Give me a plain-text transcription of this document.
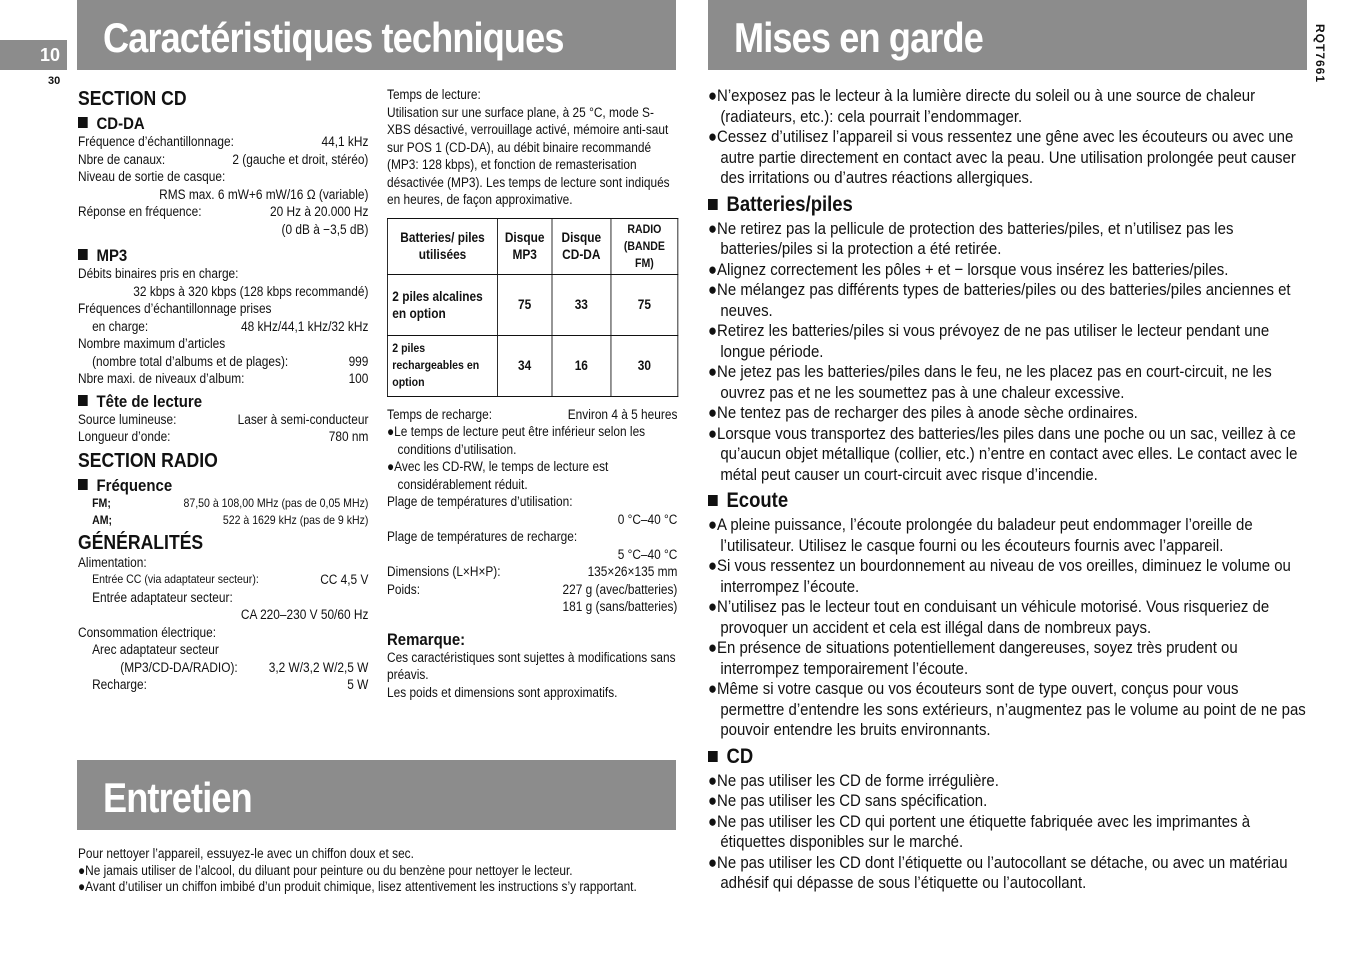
10
30	RQT7661
Caractéristiques techniques	Mises en garde
Entretien
SECTION CD
CD-DA
Fréquence d’échantillonnage:	44,1 kHz
Nbre de canaux:	2 (gauche et droit, stéréo)
Niveau de sortie de casque:
RMS max. 6 mW+6 mW/16 Ω (variable)
Réponse en fréquence:	20 Hz à 20.000 Hz
(0 dB à −3,5 dB)
MP3
Débits binaires pris en charge:
32 kbps à 320 kbps (128 kbps recommandé)
Fréquences d’échantillonnage prises
en charge:	48 kHz/44,1 kHz/32 kHz
Nombre maximum d’articles
(nombre total d’albums et de plages):	999
Nbre maxi. de niveaux d’album:	100
Tête de lecture
Source lumineuse:	Laser à semi-conducteur
Longueur d’onde:	780 nm
SECTION RADIO
Fréquence
FM;	87,50 à 108,00 MHz (pas de 0,05 MHz)
AM;	522 à 1629 kHz (pas de 9 kHz)
GÉNÉRALITÉS
Alimentation:
Entrée CC (via adaptateur secteur):	CC 4,5 V
Entrée adaptateur secteur:
CA 220–230 V 50/60 Hz
Consommation électrique:
Arec adaptateur secteur
(MP3/CD-DA/RADIO): 3,2 W/3,2 W/2,5 W
Recharge:	5 W
Temps de lecture:
Utilisation sur une surface plane, à 25 °C, mode S-XBS désactivé, verrouillage activé, mémoire anti-saut sur POS 1 (CD-DA), au débit binaire recommandé (MP3: 128 kbps), et fonction de remasterisation désactivée (MP3). Les temps de lecture sont indiqués en heures, de façon approximative.
Batteries/ piles utilisées	Disque MP3	Disque CD-DA	RADIO (BANDE FM)
2 piles alcalines en option	75	33	75
2 piles rechargeables en option	34	16	30
Temps de recharge:	Environ 4 à 5 heures
●Le temps de lecture peut être inférieur selon les conditions d’utilisation.
●Avec les CD-RW, le temps de lecture est considérablement réduit.
Plage de températures d’utilisation:
0 °C–40 °C
Plage de températures de recharge:
5 °C–40 °C
Dimensions (L×H×P):	135×26×135 mm
Poids:	227 g (avec/batteries)
181 g (sans/batteries)
Remarque:
Ces caractéristiques sont sujettes à modifications sans préavis.
Les poids et dimensions sont approximatifs.
●N’exposez pas le lecteur à la lumière directe du soleil ou à une source de chaleur (radiateurs, etc.): cela pourrait l’endommager.
●Cessez d’utilisez l’appareil si vous ressentez une gêne avec les écouteurs ou avec une autre partie directement en contact avec la peau. Une utilisation prolongée peut causer des irritations ou d’autres réactions allergiques.
Batteries/piles
●Ne retirez pas la pellicule de protection des batteries/piles, et n’utilisez pas les batteries/piles si la protection a été retirée.
●Alignez correctement les pôles + et − lorsque vous insérez les batteries/piles.
●Ne mélangez pas différents types de batteries/piles ou des batteries/piles anciennes et neuves.
●Retirez les batteries/piles si vous prévoyez de ne pas utiliser le lecteur pendant une longue période.
●Ne jetez pas les batteries/piles dans le feu, ne les placez pas en court-circuit, ne les ouvrez pas et ne les soumettez pas à une chaleur excessive.
●Ne tentez pas de recharger des piles à anode sèche ordinaires.
●Lorsque vous transportez des batteries/les piles dans une poche ou un sac, veillez à ce qu’aucun objet métallique (collier, etc.) n’entre en contact avec elles. Le contact avec le métal peut causer un court-circuit avec risque d’incendie.
Ecoute
●A pleine puissance, l’écoute prolongée du baladeur peut endommager l’oreille de l’utilisateur. Utilisez le casque fourni ou les écouteurs fournis avec l’appareil.
●Si vous ressentez un bourdonnement au niveau de vos oreilles, diminuez le volume ou interrompez l’écoute.
●N’utilisez pas le lecteur tout en conduisant un véhicule motorisé. Vous risqueriez de provoquer un accident et cela est illégal dans de nombreux pays.
●En présence de situations potentiellement dangereuses, soyez très prudent ou interrompez temporairement l’écoute.
●Même si votre casque ou vos écouteurs sont de type ouvert, conçus pour vous permettre d’entendre les sons extérieurs, n’augmentez pas le volume au point de ne pas pouvoir entendre les bruits environnants.
CD
●Ne pas utiliser les CD de forme irrégulière.
●Ne pas utiliser les CD sans spécification.
●Ne pas utiliser les CD qui portent une étiquette fabriquée avec les imprimantes à étiquettes disponibles sur le marché.
●Ne pas utiliser les CD dont l’étiquette ou l’autocollant se détache, ou avec un matériau adhésif qui dépasse de sous l’étiquette ou l’autocollant.
Pour nettoyer l’appareil, essuyez-le avec un chiffon doux et sec.
●Ne jamais utiliser de l’alcool, du diluant pour peinture ou du benzène pour nettoyer le lecteur.
●Avant d’utiliser un chiffon imbibé d’un produit chimique, lisez attentivement les instructions s’y rapportant.
